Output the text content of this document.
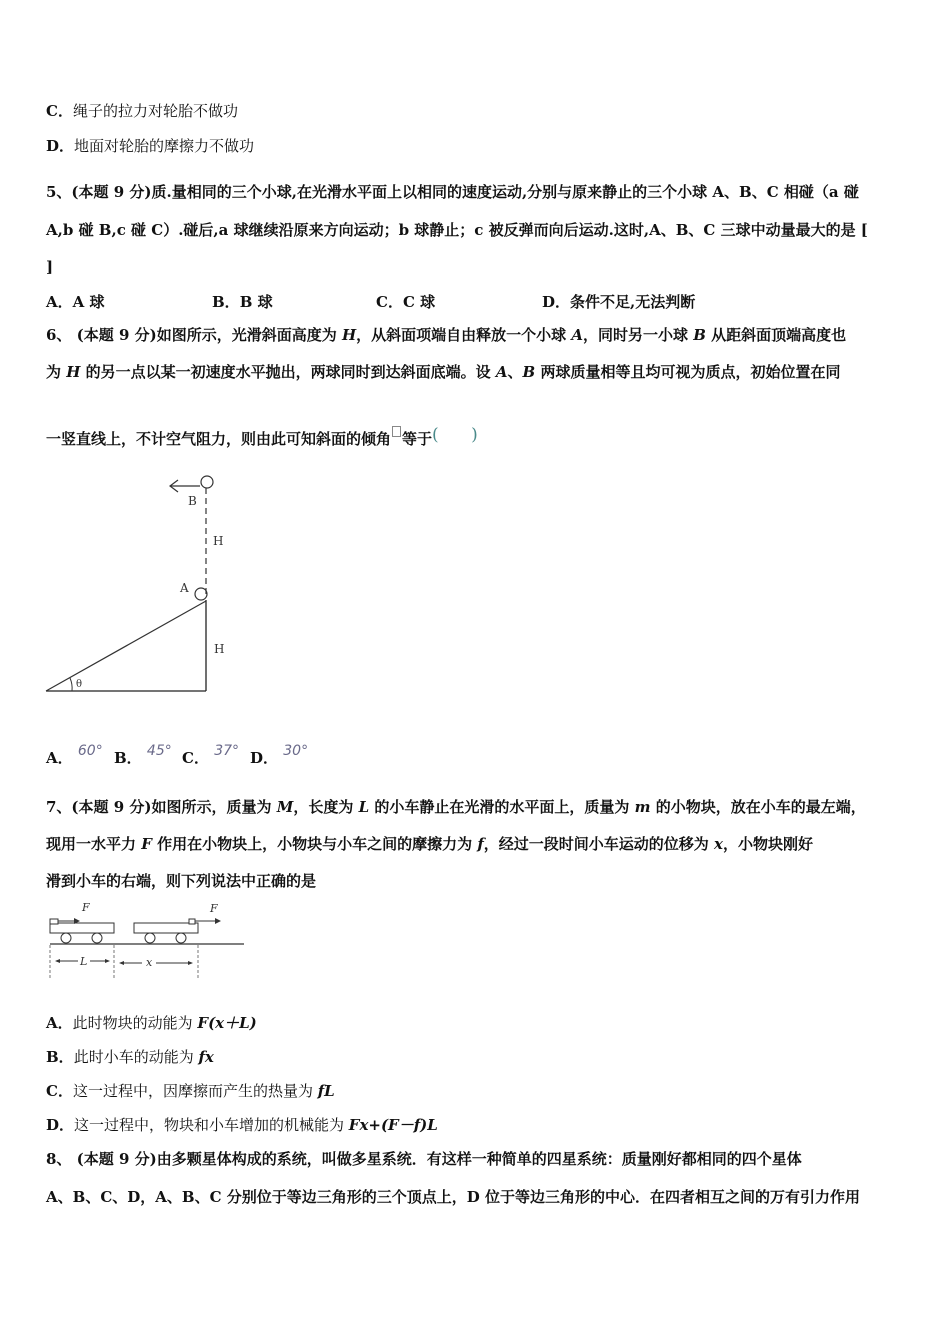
C．绳子的拉力对轮胎不做功
D．地面对轮胎的摩擦力不做功
5、(本题 9 分)质.量相同的三个小球,在光滑水平面上以相同的速度运动,分别与原来静止的三个小球 A、B、C 相碰（a 碰
A,b 碰 B,c 碰 C）.碰后,a 球继续沿原来方向运动；b 球静止；c 被反弹而向后运动.这时,A、B、C 三球中动量最大的是 [
]
A．A 球	B．B 球	C．C 球	D．条件不足,无法判断
6、 (本题 9 分)如图所示，光滑斜面高度为 H，从斜面项端自由释放一个小球 A，同时另一小球 B 从距斜面顶端高度也
为 H 的另一点以某一初速度水平抛出，两球同时到达斜面底端。设 A、B 两球质量相等且均可视为质点，初始位置在同
一竖直线上，不计空气阻力，则由此可知斜面的倾角 等于( )
θ
A
B
H
H
A． 60° B． 45° C． 37° D． 30°
7、(本题 9 分)如图所示，质量为 M，长度为 L 的小车静止在光滑的水平面上，质量为 m 的小物块，放在小车的最左端，
现用一水平力 F 作用在小物块上，小物块与小车之间的摩擦力为 f，经过一段时间小车运动的位移为 x，小物块刚好
滑到小车的右端，则下列说法中正确的是
F	F
L	x
A．此时物块的动能为 F(x＋L)
B．此时小车的动能为 fx
C．这一过程中，因摩擦而产生的热量为 fL
D．这一过程中，物块和小车增加的机械能为 Fx+(F－f)L
8、 (本题 9 分)由多颗星体构成的系统，叫做多星系统．有这样一种简单的四星系统：质量刚好都相同的四个星体
A、B、C、D，A、B、C 分别位于等边三角形的三个顶点上，D 位于等边三角形的中心．在四者相互之间的万有引力作用
